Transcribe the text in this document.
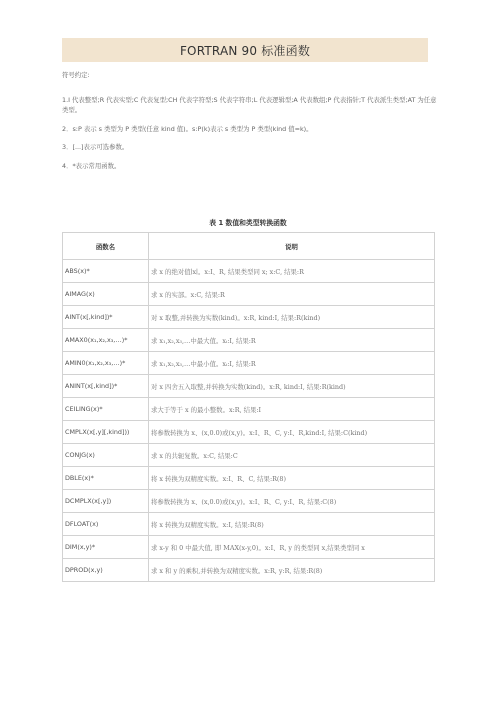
FORTRAN 90 标准函数

符号约定:

1.I 代表整型;R 代表实型;C 代表复型;CH 代表字符型;S 代表字符串;L 代表逻辑型;A 代表数组;P 代表指针;T 代表派生类型;AT 为任意类型。

2．s:P 表示 s 类型为 P 类型(任意 kind 值)。s:P(k)表示 s 类型为 P 类型(kind 值=k)。

3．[...]表示可选参数。

4．*表示常用函数。

表 1 数值和类型转换函数
函数名	说明
ABS(x)*	求 x 的绝对值∣x∣。x:I、R, 结果类型同 x; x:C, 结果:R
AIMAG(x)	求 x 的实部。x:C, 结果:R
AINT(x[,kind])*	对 x 取整,并转换为实数(kind)。x:R, kind:I, 结果:R(kind)
AMAX0(x₁,x₂,x₃,…)*	求 x₁,x₂,x₃,…中最大值。xᵢ:I, 结果:R
AMIN0(x₁,x₂,x₃,…)*	求 x₁,x₂,x₃,…中最小值。xᵢ:I, 结果:R
ANINT(x[,kind])*	对 x 四舍五入取整,并转换为实数(kind)。x:R, kind:I, 结果:R(kind)
CEILING(x)*	求大于等于 x 的最小整数。x:R, 结果:I
CMPLX(x[,y][,kind]))	将参数转换为 x、(x,0.0)或(x,y)。x:I、R、C, y:I、R,kind:I, 结果:C(kind)
CONJG(x)	求 x 的共轭复数。x:C, 结果:C
DBLE(x)*	将 x 转换为双精度实数。x:I、R、C, 结果:R(8)
DCMPLX(x[,y])	将参数转换为 x、(x,0.0)或(x,y)。x:I、R、C, y:I、R, 结果:C(8)
DFLOAT(x)	将 x 转换为双精度实数。x:I, 结果:R(8)
DIM(x,y)*	求 x-y 和 0 中最大值, 即 MAX(x-y,0)。x:I、R, y 的类型同 x,结果类型同 x
DPROD(x,y)	求 x 和 y 的乘积,并转换为双精度实数。x:R, y:R, 结果:R(8)
